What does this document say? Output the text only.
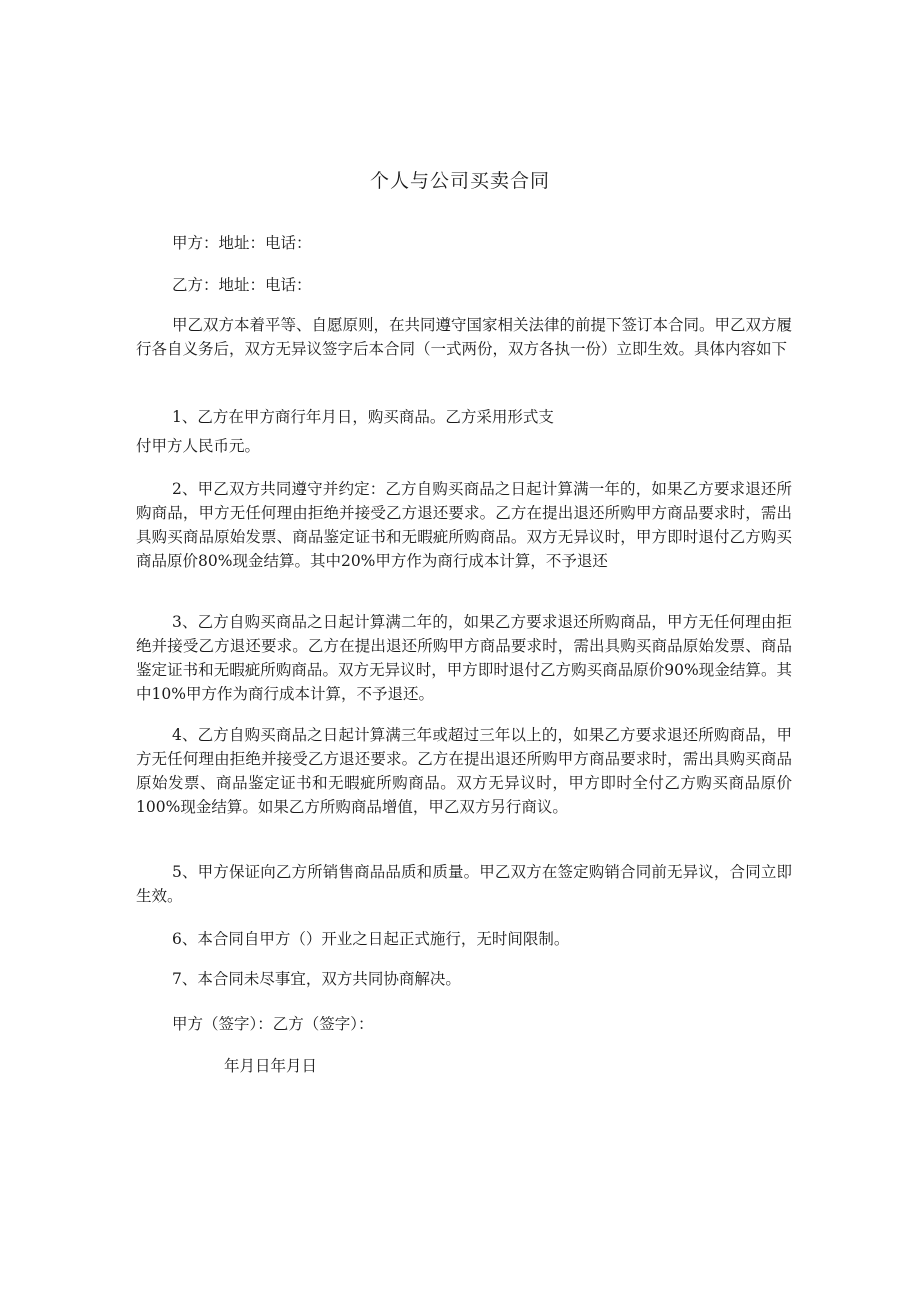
个人与公司买卖合同

甲方：地址：电话：

乙方：地址：电话：

甲乙双方本着平等、自愿原则，在共同遵守国家相关法律的前提下签订本合同。甲乙双方履行各自义务后，双方无异议签字后本合同（一式两份，双方各执一份）立即生效。具体内容如下

1、乙方在甲方商行年月日，购买商品。乙方采用形式支

付甲方人民币元。

2、甲乙双方共同遵守并约定：乙方自购买商品之日起计算满一年的，如果乙方要求退还所购商品，甲方无任何理由拒绝并接受乙方退还要求。乙方在提出退还所购甲方商品要求时，需出具购买商品原始发票、商品鉴定证书和无暇疵所购商品。双方无异议时，甲方即时退付乙方购买商品原价80%现金结算。其中20%甲方作为商行成本计算，不予退还

3、乙方自购买商品之日起计算满二年的，如果乙方要求退还所购商品，甲方无任何理由拒绝并接受乙方退还要求。乙方在提出退还所购甲方商品要求时，需出具购买商品原始发票、商品鉴定证书和无暇疵所购商品。双方无异议时，甲方即时退付乙方购买商品原价90%现金结算。其中10%甲方作为商行成本计算，不予退还。

4、乙方自购买商品之日起计算满三年或超过三年以上的，如果乙方要求退还所购商品，甲方无任何理由拒绝并接受乙方退还要求。乙方在提出退还所购甲方商品要求时，需出具购买商品原始发票、商品鉴定证书和无暇疵所购商品。双方无异议时，甲方即时全付乙方购买商品原价100%现金结算。如果乙方所购商品增值，甲乙双方另行商议。

5、甲方保证向乙方所销售商品品质和质量。甲乙双方在签定购销合同前无异议，合同立即生效。

6、本合同自甲方（）开业之日起正式施行，无时间限制。

7、本合同未尽事宜，双方共同协商解决。

甲方（签字）：乙方（签字）：

年月日年月日
